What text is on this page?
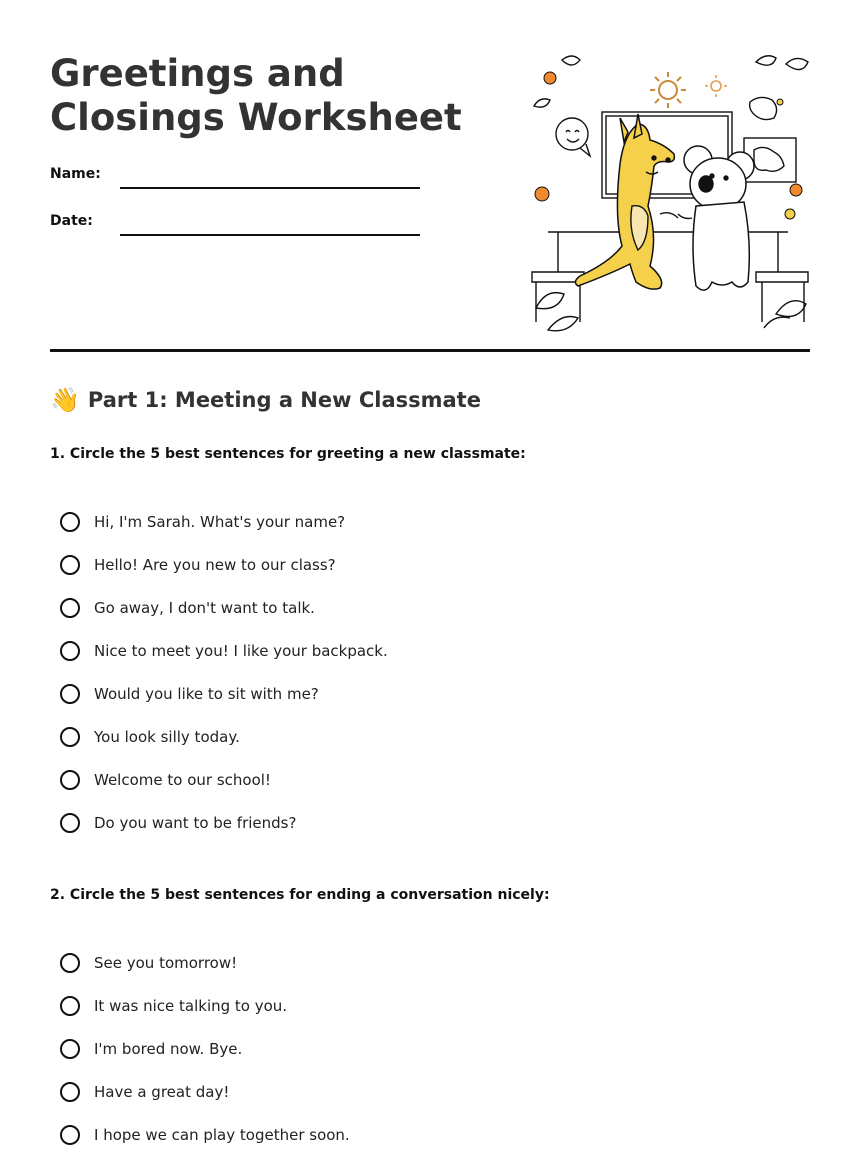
Greetings and Closings Worksheet
Name:
Date:
👋 Part 1: Meeting a New Classmate

1. Circle the 5 best sentences for greeting a new classmate:

Hi, I'm Sarah. What's your name?
Hello! Are you new to our class?
Go away, I don't want to talk.
Nice to meet you! I like your backpack.
Would you like to sit with me?
You look silly today.
Welcome to our school!
Do you want to be friends?

2. Circle the 5 best sentences for ending a conversation nicely:

See you tomorrow!
It was nice talking to you.
I'm bored now. Bye.
Have a great day!
I hope we can play together soon.
